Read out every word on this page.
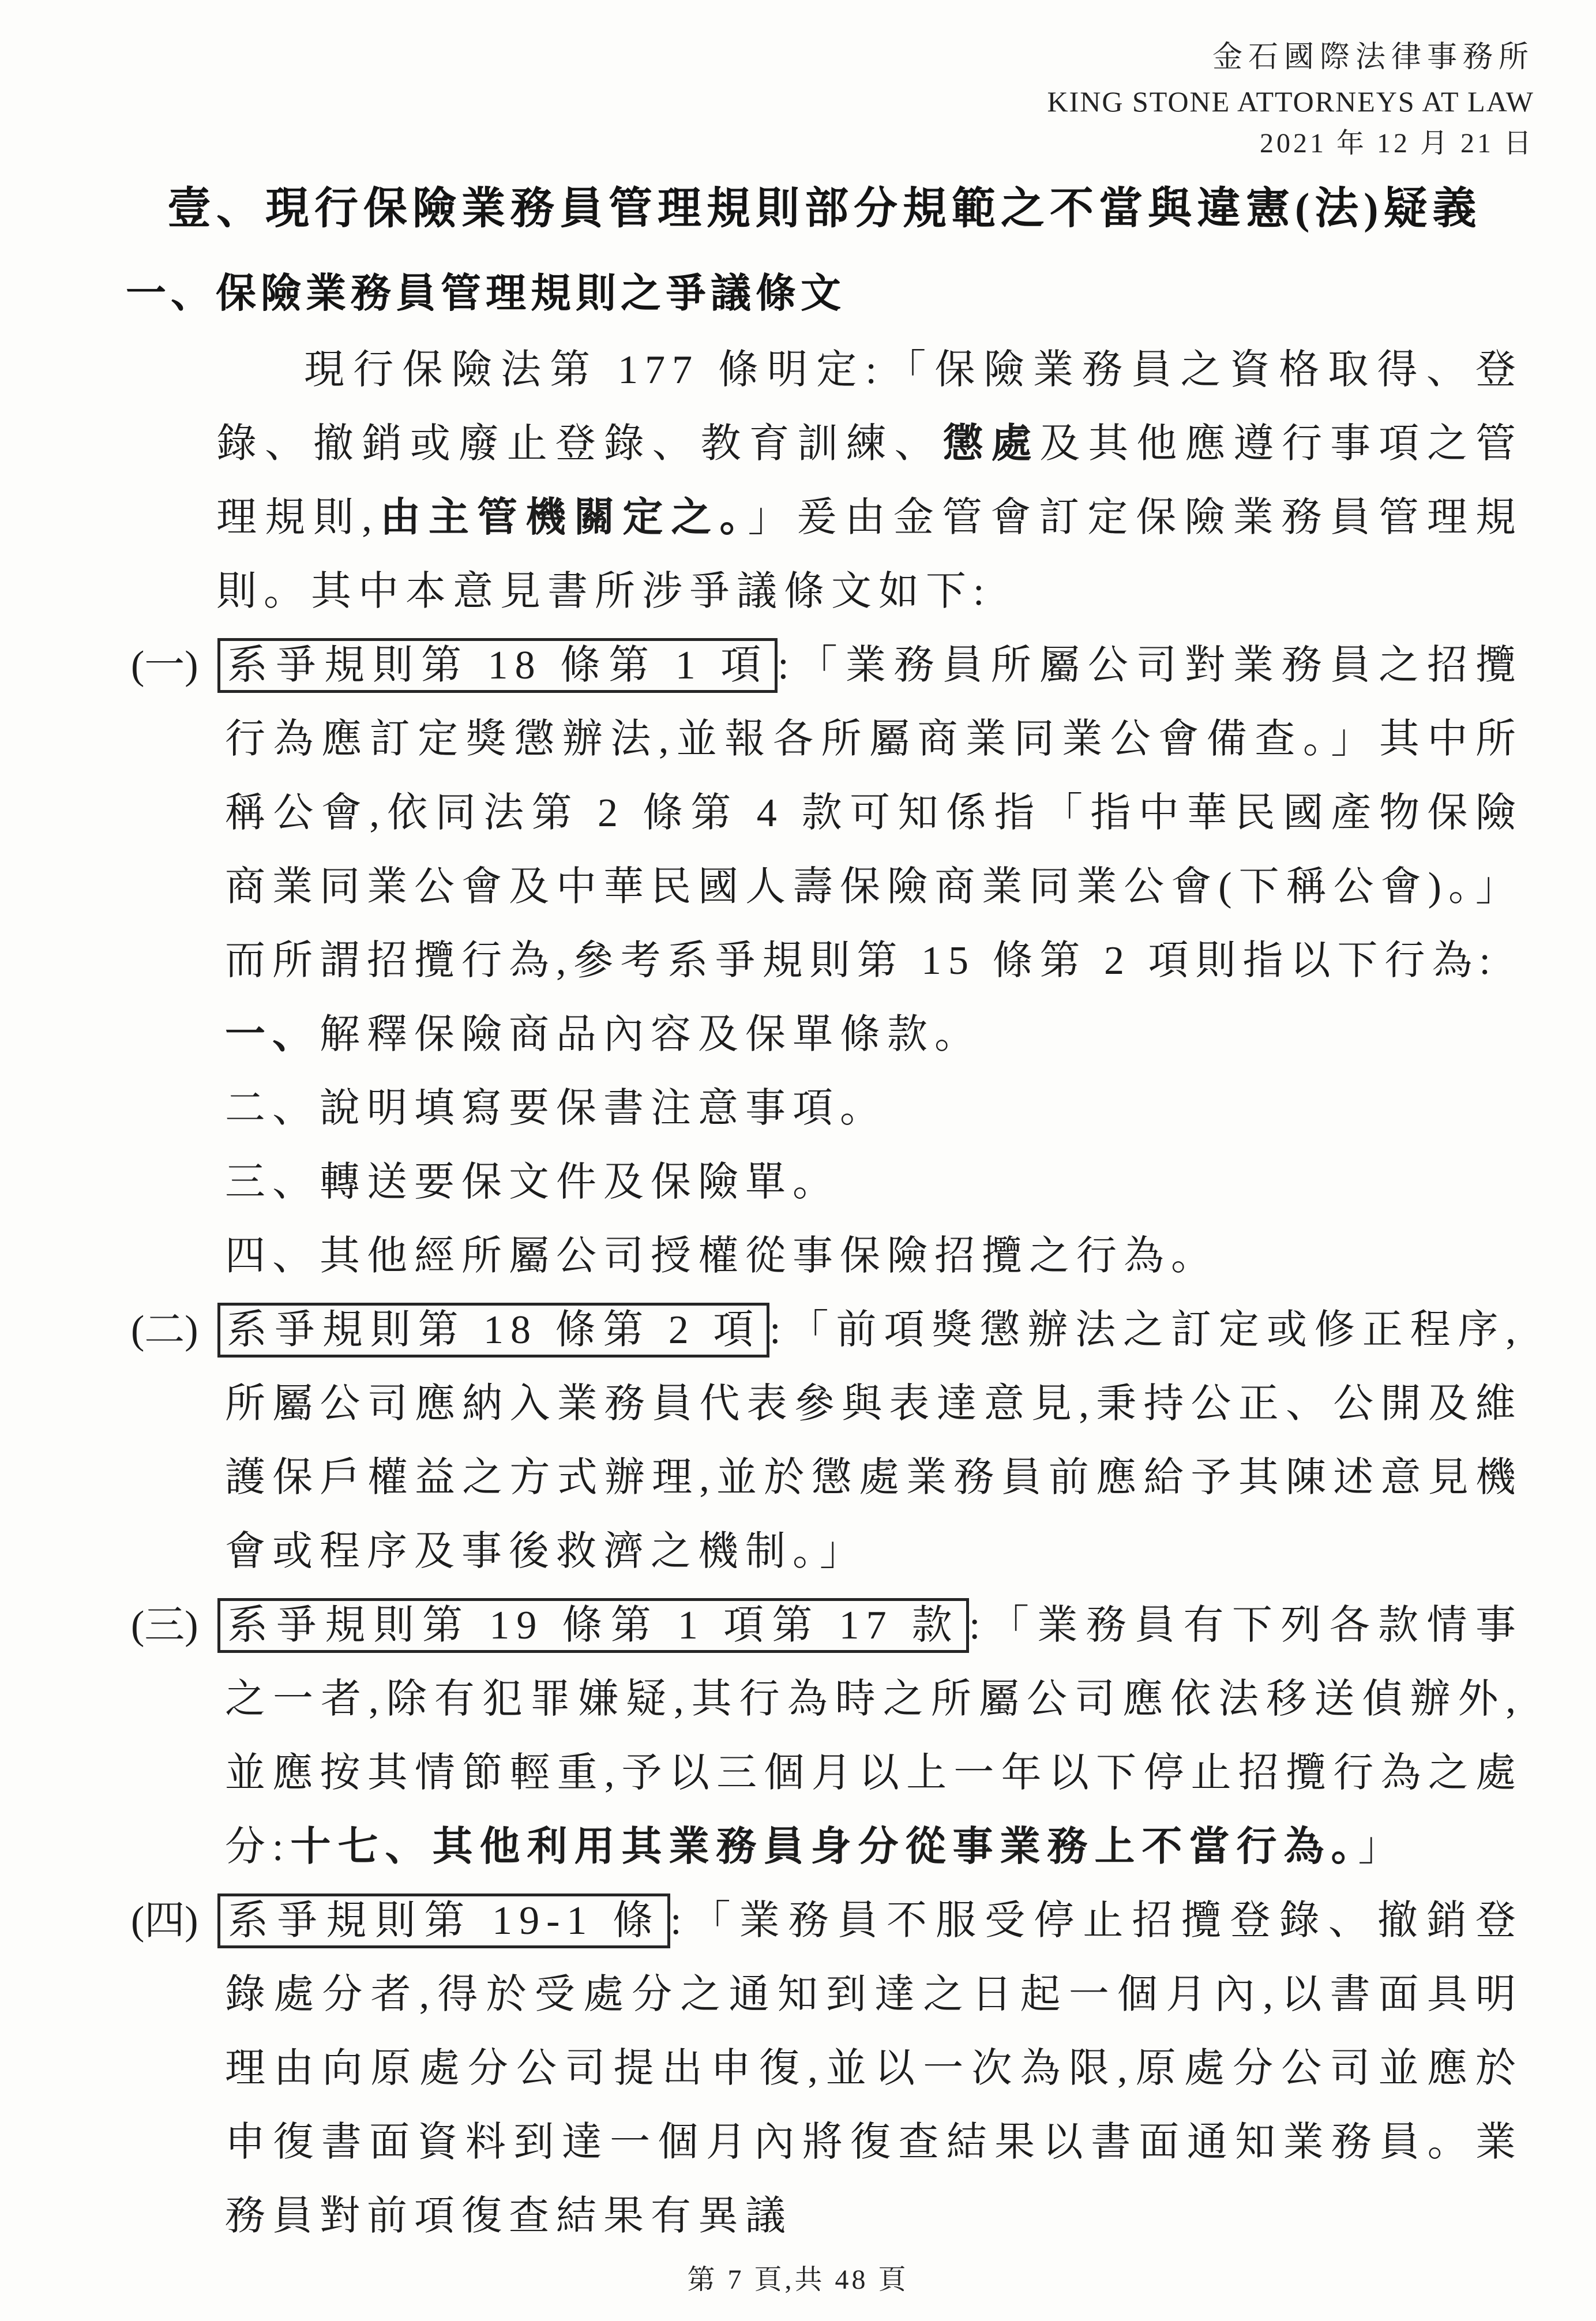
金石國際法律事務所
KING STONE ATTORNEYS AT LAW
2021 年 12 月 21 日
壹、現行保險業務員管理規則部分規範之不當與違憲(法)疑義
一、保險業務員管理規則之爭議條文

現行保險法第 177 條明定:「保險業務員之資格取得、登錄、撤銷或廢止登錄、教育訓練、懲處及其他應遵行事項之管理規則,由主管機關定之。」爰由金管會訂定保險業務員管理規則。其中本意見書所涉爭議條文如下:

(一) 系爭規則第 18 條第 1 項 :「業務員所屬公司對業務員之招攬行為應訂定獎懲辦法,並報各所屬商業同業公會備查。」其中所稱公會,依同法第 2 條第 4 款可知係指「指中華民國產物保險商業同業公會及中華民國人壽保險商業同業公會(下稱公會)。」而所謂招攬行為,參考系爭規則第 15 條第 2 項則指以下行為:
一、解釋保險商品內容及保單條款。
二、說明填寫要保書注意事項。
三、轉送要保文件及保險單。
四、其他經所屬公司授權從事保險招攬之行為。
(二) 系爭規則第 18 條第 2 項 :「前項獎懲辦法之訂定或修正程序,所屬公司應納入業務員代表參與表達意見,秉持公正、公開及維護保戶權益之方式辦理,並於懲處業務員前應給予其陳述意見機會或程序及事後救濟之機制。」
(三) 系爭規則第 19 條第 1 項第 17 款 :「業務員有下列各款情事之一者,除有犯罪嫌疑,其行為時之所屬公司應依法移送偵辦外,並應按其情節輕重,予以三個月以上一年以下停止招攬行為之處分:十七、其他利用其業務員身分從事業務上不當行為。」
(四) 系爭規則第 19-1 條 :「業務員不服受停止招攬登錄、撤銷登錄處分者,得於受處分之通知到達之日起一個月內,以書面具明理由向原處分公司提出申復,並以一次為限,原處分公司並應於申復書面資料到達一個月內將復查結果以書面通知業務員。業務員對前項復查結果有異議
第 7 頁,共 48 頁
